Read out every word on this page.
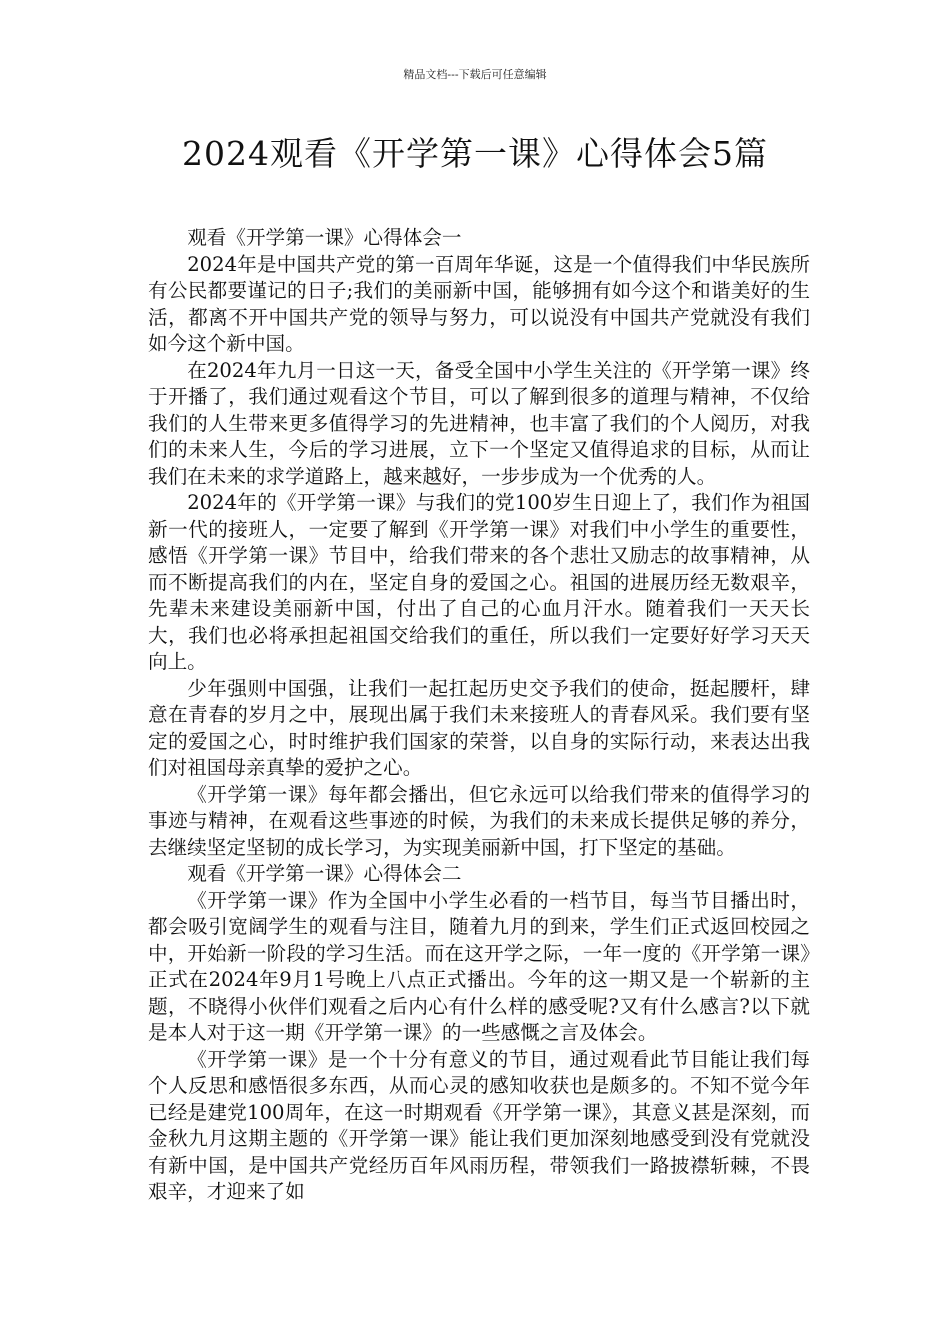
精品文档---下载后可任意编辑
2024观看《开学第一课》心得体会5篇

观看《开学第一课》心得体会一

2024年是中国共产党的第一百周年华诞，这是一个值得我们中华民族所有公民都要谨记的日子;我们的美丽新中国，能够拥有如今这个和谐美好的生活，都离不开中国共产党的领导与努力，可以说没有中国共产党就没有我们如今这个新中国。

在2024年九月一日这一天，备受全国中小学生关注的《开学第一课》终于开播了，我们通过观看这个节目，可以了解到很多的道理与精神，不仅给我们的人生带来更多值得学习的先进精神，也丰富了我们的个人阅历，对我们的未来人生，今后的学习进展，立下一个坚定又值得追求的目标，从而让我们在未来的求学道路上，越来越好，一步步成为一个优秀的人。

2024年的《开学第一课》与我们的党100岁生日迎上了，我们作为祖国新一代的接班人，一定要了解到《开学第一课》对我们中小学生的重要性，感悟《开学第一课》节目中，给我们带来的各个悲壮又励志的故事精神，从而不断提高我们的内在，坚定自身的爱国之心。祖国的进展历经无数艰辛，先辈未来建设美丽新中国，付出了自己的心血月汗水。随着我们一天天长大，我们也必将承担起祖国交给我们的重任，所以我们一定要好好学习天天向上。

少年强则中国强，让我们一起扛起历史交予我们的使命，挺起腰杆，肆意在青春的岁月之中，展现出属于我们未来接班人的青春风采。我们要有坚定的爱国之心，时时维护我们国家的荣誉，以自身的实际行动，来表达出我们对祖国母亲真挚的爱护之心。

《开学第一课》每年都会播出，但它永远可以给我们带来的值得学习的事迹与精神，在观看这些事迹的时候，为我们的未来成长提供足够的养分，去继续坚定坚韧的成长学习，为实现美丽新中国，打下坚定的基础。

观看《开学第一课》心得体会二

《开学第一课》作为全国中小学生必看的一档节目，每当节目播出时，都会吸引宽阔学生的观看与注目，随着九月的到来，学生们正式返回校园之中，开始新一阶段的学习生活。而在这开学之际，一年一度的《开学第一课》正式在2024年9月1号晚上八点正式播出。今年的这一期又是一个崭新的主题，不晓得小伙伴们观看之后内心有什么样的感受呢?又有什么感言?以下就是本人对于这一期《开学第一课》的一些感慨之言及体会。

《开学第一课》是一个十分有意义的节目，通过观看此节目能让我们每个人反思和感悟很多东西，从而心灵的感知收获也是颇多的。不知不觉今年已经是建党100周年，在这一时期观看《开学第一课》，其意义甚是深刻，而金秋九月这期主题的《开学第一课》能让我们更加深刻地感受到没有党就没有新中国，是中国共产党经历百年风雨历程，带领我们一路披襟斩棘，不畏艰辛，才迎来了如
